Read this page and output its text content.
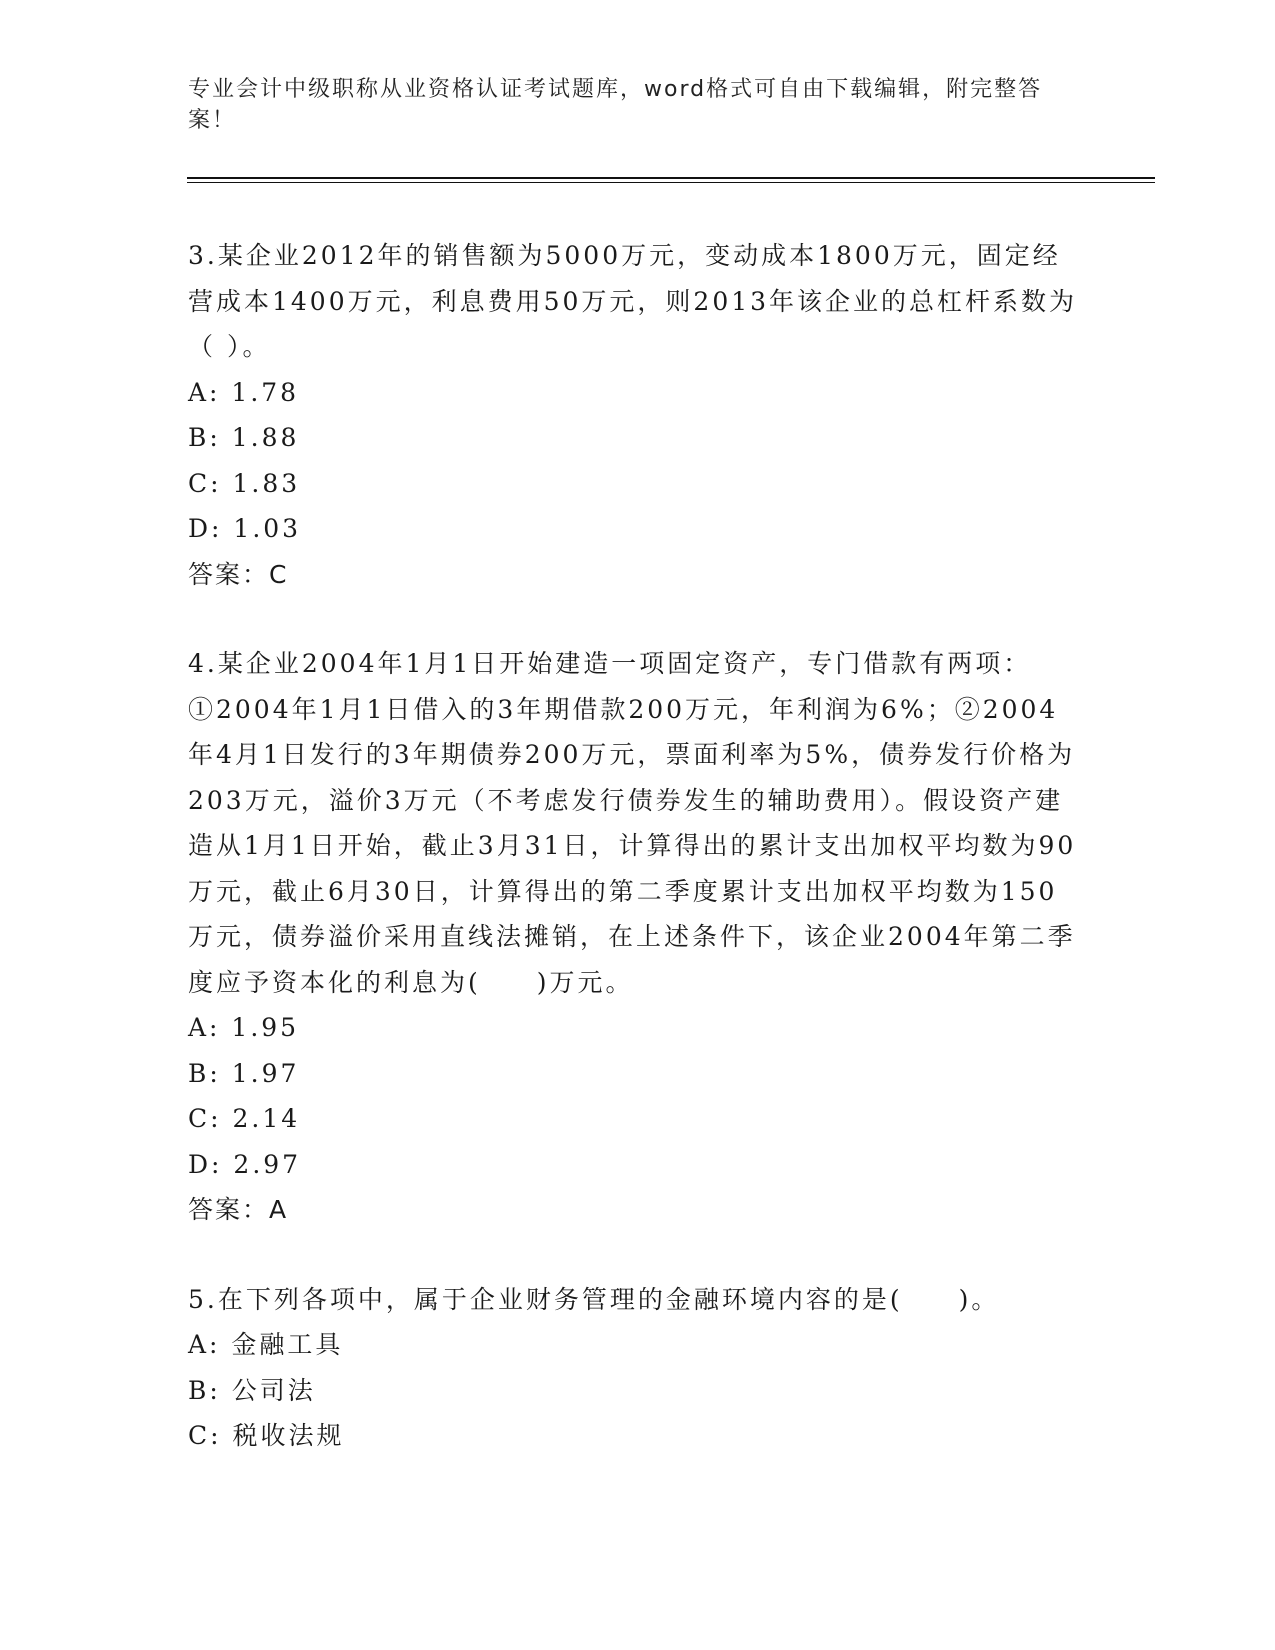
专业会计中级职称从业资格认证考试题库，word格式可自由下载编辑，附完整答案！

3.某企业2012年的销售额为5000万元，变动成本1800万元，固定经营成本1400万元，利息费用50万元，则2013年该企业的总杠杆系数为（ ）。

A: 1.78

B: 1.88

C: 1.83

D: 1.03

答案：C

4.某企业2004年1月1日开始建造一项固定资产，专门借款有两项：①2004年1月1日借入的3年期借款200万元，年利润为6%；②2004年4月1日发行的3年期债券200万元，票面利率为5%，债券发行价格为203万元，溢价3万元（不考虑发行债券发生的辅助费用）。假设资产建造从1月1日开始，截止3月31日，计算得出的累计支出加权平均数为90万元，截止6月30日，计算得出的第二季度累计支出加权平均数为150万元，债券溢价采用直线法摊销，在上述条件下，该企业2004年第二季度应予资本化的利息为(　　)万元。

A: 1.95

B: 1.97

C: 2.14

D: 2.97

答案：A

5.在下列各项中，属于企业财务管理的金融环境内容的是(　　)。

A: 金融工具

B: 公司法

C: 税收法规
